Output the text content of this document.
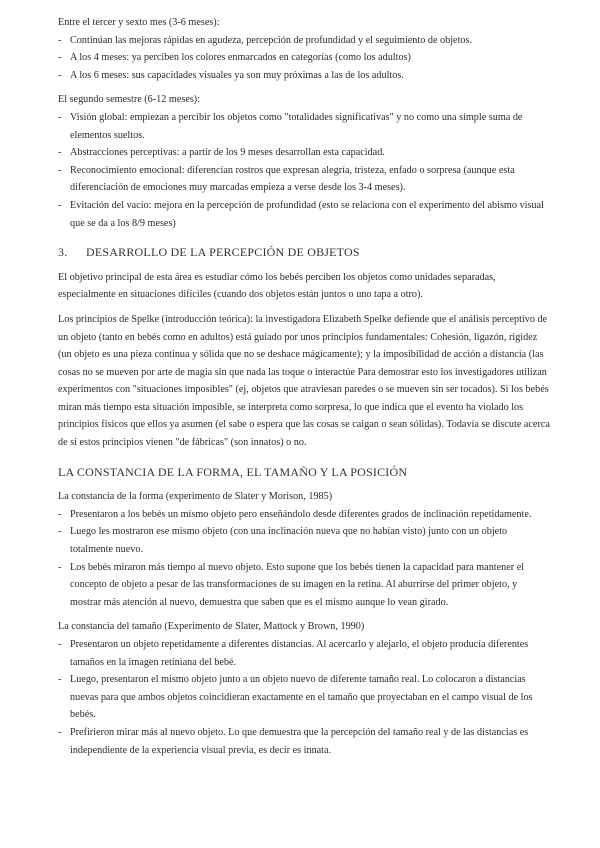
Entre el tercer y sexto mes (3-6 meses):

- Continúan las mejoras rápidas en agudeza, percepción de profundidad y el seguimiento de objetos.
- A los 4 meses: ya perciben los colores enmarcados en categorías (como los adultos)
- A los 6 meses: sus capacidades visuales ya son muy próximas a las de los adultos.

El segundo semestre (6-12 meses):

- Visión global: empiezan a percibir los objetos como "totalidades significativas" y no como una simple suma de elementos sueltos.
- Abstracciones perceptivas: a partir de los 9 meses desarrollan esta capacidad.
- Reconocimiento emocional: diferencian rostros que expresan alegría, tristeza, enfado o sorpresa (aunque esta diferenciación de emociones muy marcadas empieza a verse desde los 3-4 meses).
- Evitación del vacío: mejora en la percepción de profundidad (esto se relaciona con el experimento del abismo visual que se da a los 8/9 meses)

3. DESARROLLO DE LA PERCEPCIÓN DE OBJETOS

El objetivo principal de esta área es estudiar cómo los bebés perciben los objetos como unidades separadas, especialmente en situaciones difíciles (cuando dos objetos están juntos o uno tapa a otro).

Los principios de Spelke (introducción teórica): la investigadora Elizabeth Spelke defiende que el análisis perceptivo de un objeto (tanto en bebés como en adultos) está guiado por unos principios fundamentales: Cohesión, ligazón, rigidez (un objeto es una pieza continua y sólida que no se deshace mágicamente); y la imposibilidad de acción a distancia (las cosas no se mueven por arte de magia sin que nada las toque o interactúe Para demostrar esto los investigadores utilizan experimentos con "situaciones imposibles" (ej, objetos que atraviesan paredes o se mueven sin ser tocados). Si los bebés miran más tiempo esta situación imposible, se interpreta como sorpresa, lo que indica que el evento ha violado los principios físicos que ellos ya asumen (el sabe o espera que las cosas se caigan o sean sólidas). Todavía se discute acerca de si estos principios vienen "de fábricas" (son innatos) o no.

LA CONSTANCIA DE LA FORMA, EL TAMAÑO Y LA POSICIÓN

La constancia de la forma (experimento de Slater y Morison, 1985)

- Presentaron a los bebés un mismo objeto pero enseñándolo desde diferentes grados de inclinación repetidamente.
- Luego les mostraron ese mismo objeto (con una inclinación nueva que no habían visto) junto con un objeto totalmente nuevo.
- Los bebés miraron más tiempo al nuevo objeto. Esto supone que los bebés tienen la capacidad para mantener el concepto de objeto a pesar de las transformaciones de su imagen en la retina. Al aburrirse del primer objeto, y mostrar más atención al nuevo, demuestra que saben que es el mismo aunque lo vean girado.

La constancia del tamaño (Experimento de Slater, Mattock y Brown, 1990)

- Presentaron un objeto repetidamente a diferentes distancias. Al acercarlo y alejarlo, el objeto producía diferentes tamaños en la imagen retiniana del bebé.
- Luego, presentaron el mismo objeto junto a un objeto nuevo de diferente tamaño real. Lo colocaron a distancias nuevas para que ambos objetos coincidieran exactamente en el tamaño que proyectaban en el campo visual de los bebés.
- Prefirieron mirar más al nuevo objeto. Lo que demuestra que la percepción del tamaño real y de las distancias es independiente de la experiencia visual previa, es decir es innata.
